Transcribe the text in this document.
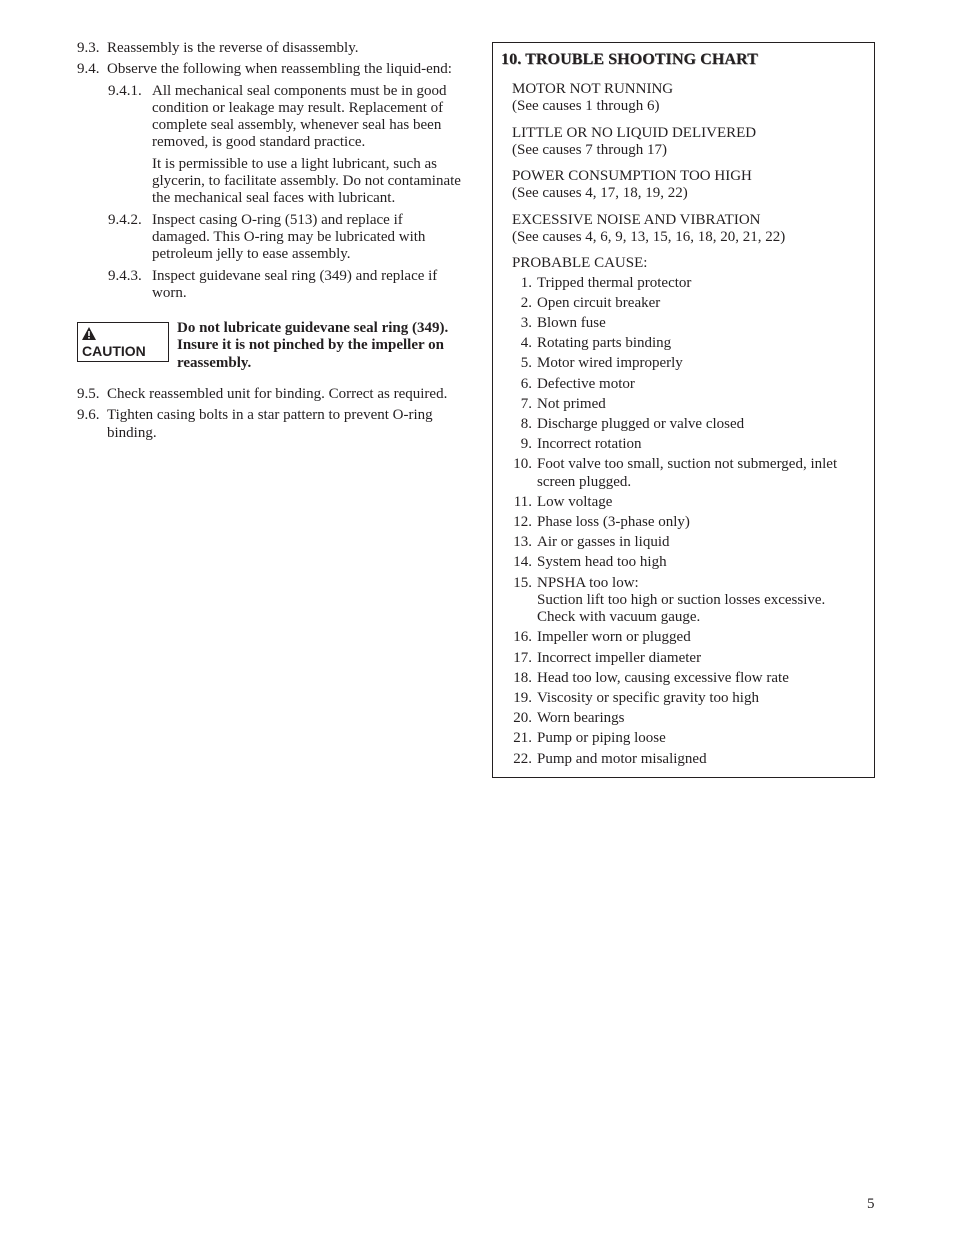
9.3. Reassembly is the reverse of disassembly.
9.4. Observe the following when reassembling the liquid-end:
9.4.1. All mechanical seal components must be in good condition or leakage may result. Replacement of complete seal assembly, whenever seal has been removed, is good standard practice.

It is permissible to use a light lubricant, such as glycerin, to facilitate assembly. Do not contaminate the mechanical seal faces with lubricant.

9.4.2. Inspect casing O-ring (513) and replace if damaged. This O-ring may be lubricated with petroleum jelly to ease assembly.
9.4.3. Inspect guidevane seal ring (349) and replace if worn.
CAUTION
Do not lubricate guidevane seal ring (349). Insure it is not pinched by the impeller on reassembly.
9.5. Check reassembled unit for binding. Correct as required.
9.6. Tighten casing bolts in a star pattern to prevent O-ring binding.
10. TROUBLE SHOOTING CHART
MOTOR NOT RUNNING
(See causes 1 through 6)
LITTLE OR NO LIQUID DELIVERED
(See causes 7 through 17)
POWER CONSUMPTION TOO HIGH
(See causes 4, 17, 18, 19, 22)
EXCESSIVE NOISE AND VIBRATION
(See causes 4, 6, 9, 13, 15, 16, 18, 20, 21, 22)
PROBABLE CAUSE:
1. Tripped thermal protector
2. Open circuit breaker
3. Blown fuse
4. Rotating parts binding
5. Motor wired improperly
6. Defective motor
7. Not primed
8. Discharge plugged or valve closed
9. Incorrect rotation
10. Foot valve too small, suction not submerged, inlet screen plugged.
11. Low voltage
12. Phase loss (3-phase only)
13. Air or gasses in liquid
14. System head too high
15. NPSHA too low:
Suction lift too high or suction losses excessive. Check with vacuum gauge.
16. Impeller worn or plugged
17. Incorrect impeller diameter
18. Head too low, causing excessive flow rate
19. Viscosity or specific gravity too high
20. Worn bearings
21. Pump or piping loose
22. Pump and motor misaligned
5
